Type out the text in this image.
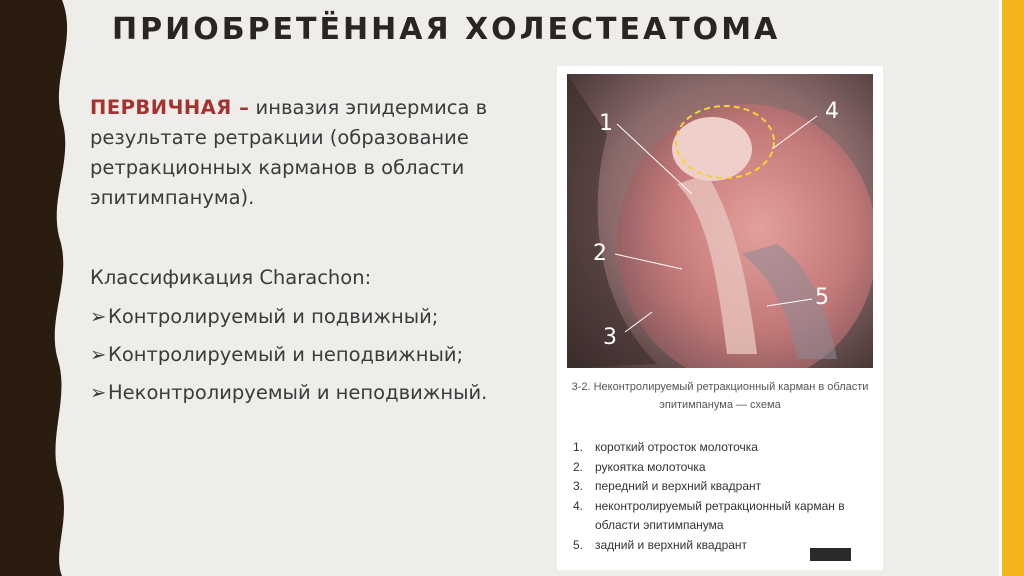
ПРИОБРЕТЁННАЯ ХОЛЕСТЕАТОМА
ПЕРВИЧНАЯ – инвазия эпидермиса в результате ретракции (образование ретракционных карманов в области эпитимпанума).
Классификация Charachon:
➢ Контролируемый и подвижный;
➢ Контролируемый и неподвижный;
➢ Неконтролируемый и неподвижный.
1
2
3
4
5
3-2. Неконтролируемый ретракционный карман в области эпитимпанума — схема
1. короткий отросток молоточка
2. рукоятка молоточка
3. передний и верхний квадрант
4. неконтролируемый ретракционный карман в области эпитимпанума
5. задний и верхний квадрант
